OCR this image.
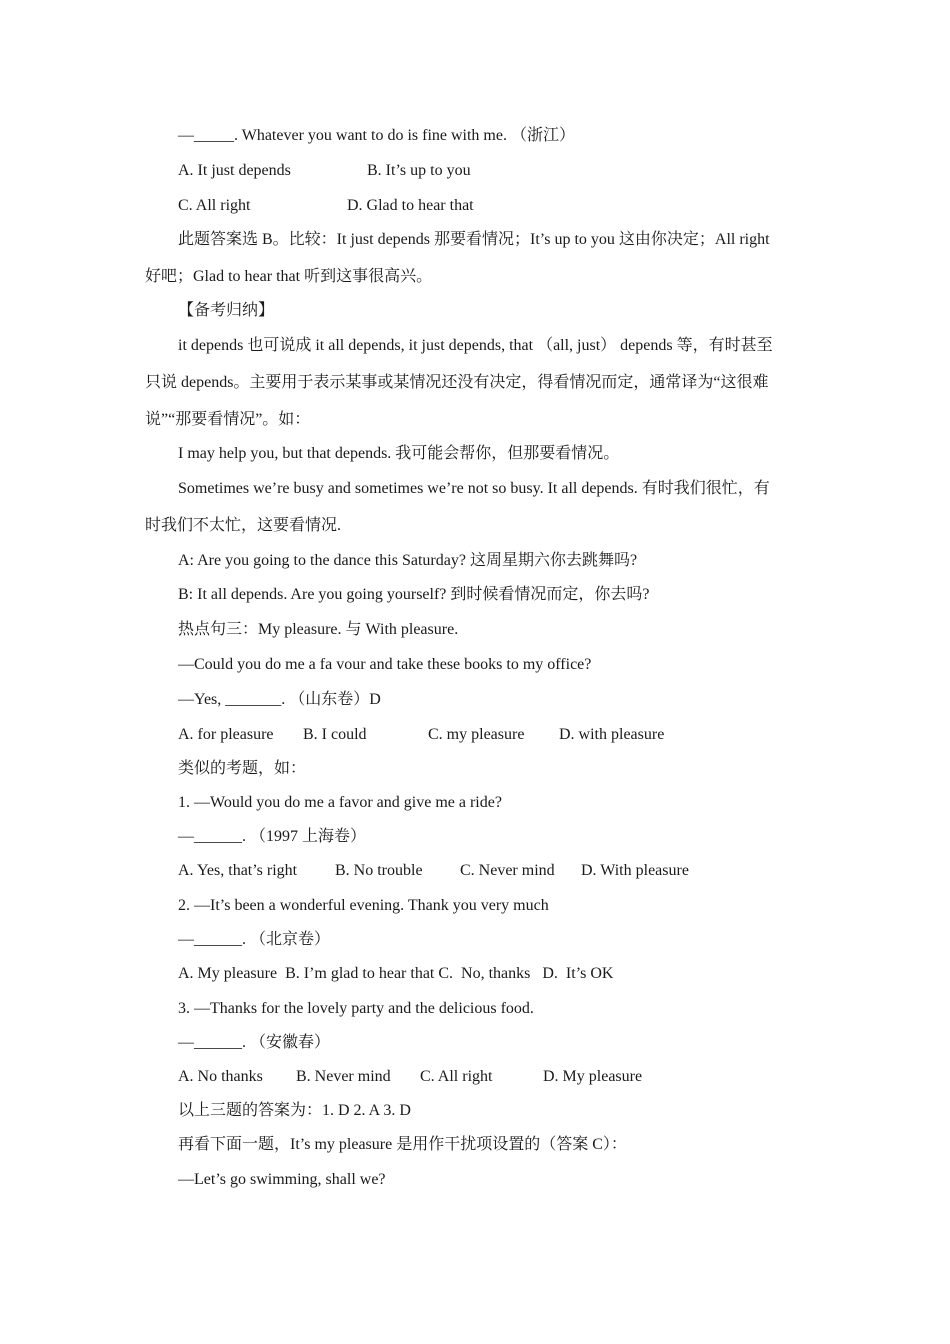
—_____. Whatever you want to do is fine with me. （浙江）
A. It just depends	B. It’s up to you
C. All right	D. Glad to hear that
此题答案选 B。比较：It just depends 那要看情况；It’s up to you 这由你决定；All right
好吧；Glad to hear that 听到这事很高兴。
【备考归纳】
it depends 也可说成 it all depends, it just depends, that （all, just） depends 等，有时甚至
只说 depends。主要用于表示某事或某情况还没有决定，得看情况而定，通常译为“这很难
说”“那要看情况”。如：
I may help you, but that depends. 我可能会帮你，但那要看情况。
Sometimes we’re busy and sometimes we’re not so busy. It all depends. 有时我们很忙，有
时我们不太忙，这要看情况.
A: Are you going to the dance this Saturday? 这周星期六你去跳舞吗?
B: It all depends. Are you going yourself? 到时候看情况而定，你去吗?
热点句三：My pleasure. 与 With pleasure.
—Could you do me a fa vour and take these books to my office?
—Yes, _______. （山东卷）D
A. for pleasure B. I could	C. my pleasure D. with pleasure
类似的考题，如：
1. —Would you do me a favor and give me a ride?
—______. （1997 上海卷）
A. Yes, that’s right B. No trouble C. Never mind D. With pleasure
2. —It’s been a wonderful evening. Thank you very much
—______. （北京卷）
A. My pleasure  B. I’m glad to hear that C.  No, thanks   D.  It’s OK
3. —Thanks for the lovely party and the delicious food.
—______. （安徽春）
A. No thanks B. Never mind C. All right	D. My pleasure
以上三题的答案为：1. D 2. A 3. D
再看下面一题，It’s my pleasure 是用作干扰项设置的（答案 C）：
—Let’s go swimming, shall we?
